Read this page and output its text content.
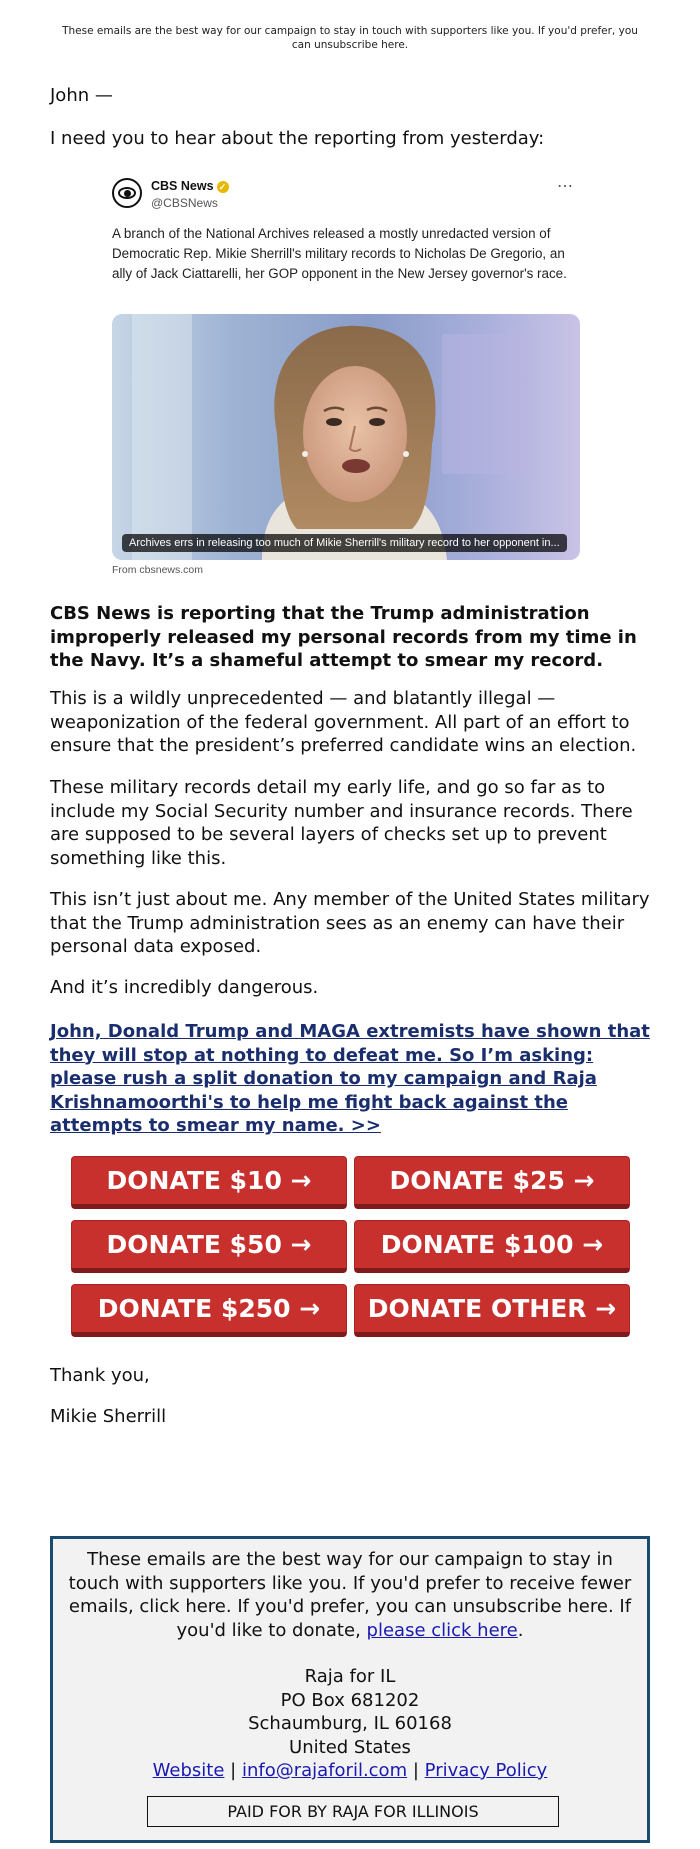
These emails are the best way for our campaign to stay in touch with supporters like you. If you'd prefer, you can unsubscribe here.
John —
I need you to hear about the reporting from yesterday:
CBS News ✓
@CBSNews
⋯
A branch of the National Archives released a mostly unredacted version of Democratic Rep. Mikie Sherrill's military records to Nicholas De Gregorio, an ally of Jack Ciattarelli, her GOP opponent in the New Jersey governor's race.
Archives errs in releasing too much of Mikie Sherrill's military record to her opponent in...
From cbsnews.com
CBS News is reporting that the Trump administration improperly released my personal records from my time in the Navy. It’s a shameful attempt to smear my record.
This is a wildly unprecedented — and blatantly illegal — weaponization of the federal government. All part of an effort to ensure that the president’s preferred candidate wins an election.
These military records detail my early life, and go so far as to include my Social Security number and insurance records. There are supposed to be several layers of checks set up to prevent something like this.
This isn’t just about me. Any member of the United States military that the Trump administration sees as an enemy can have their personal data exposed.
And it’s incredibly dangerous.
John, Donald Trump and MAGA extremists have shown that they will stop at nothing to defeat me. So I’m asking: please rush a split donation to my campaign and Raja Krishnamoorthi's to help me fight back against the attempts to smear my name. >>
DONATE $10 →	DONATE $25 →
DONATE $50 →	DONATE $100 →
DONATE $250 →	DONATE OTHER →
Thank you,
Mikie Sherrill
These emails are the best way for our campaign to stay in touch with supporters like you. If you'd prefer to receive fewer emails, click here. If you'd prefer, you can unsubscribe here. If you'd like to donate, please click here.
Raja for IL
PO Box 681202
Schaumburg, IL 60168
United States
Website | info@rajaforil.com | Privacy Policy
PAID FOR BY RAJA FOR ILLINOIS
